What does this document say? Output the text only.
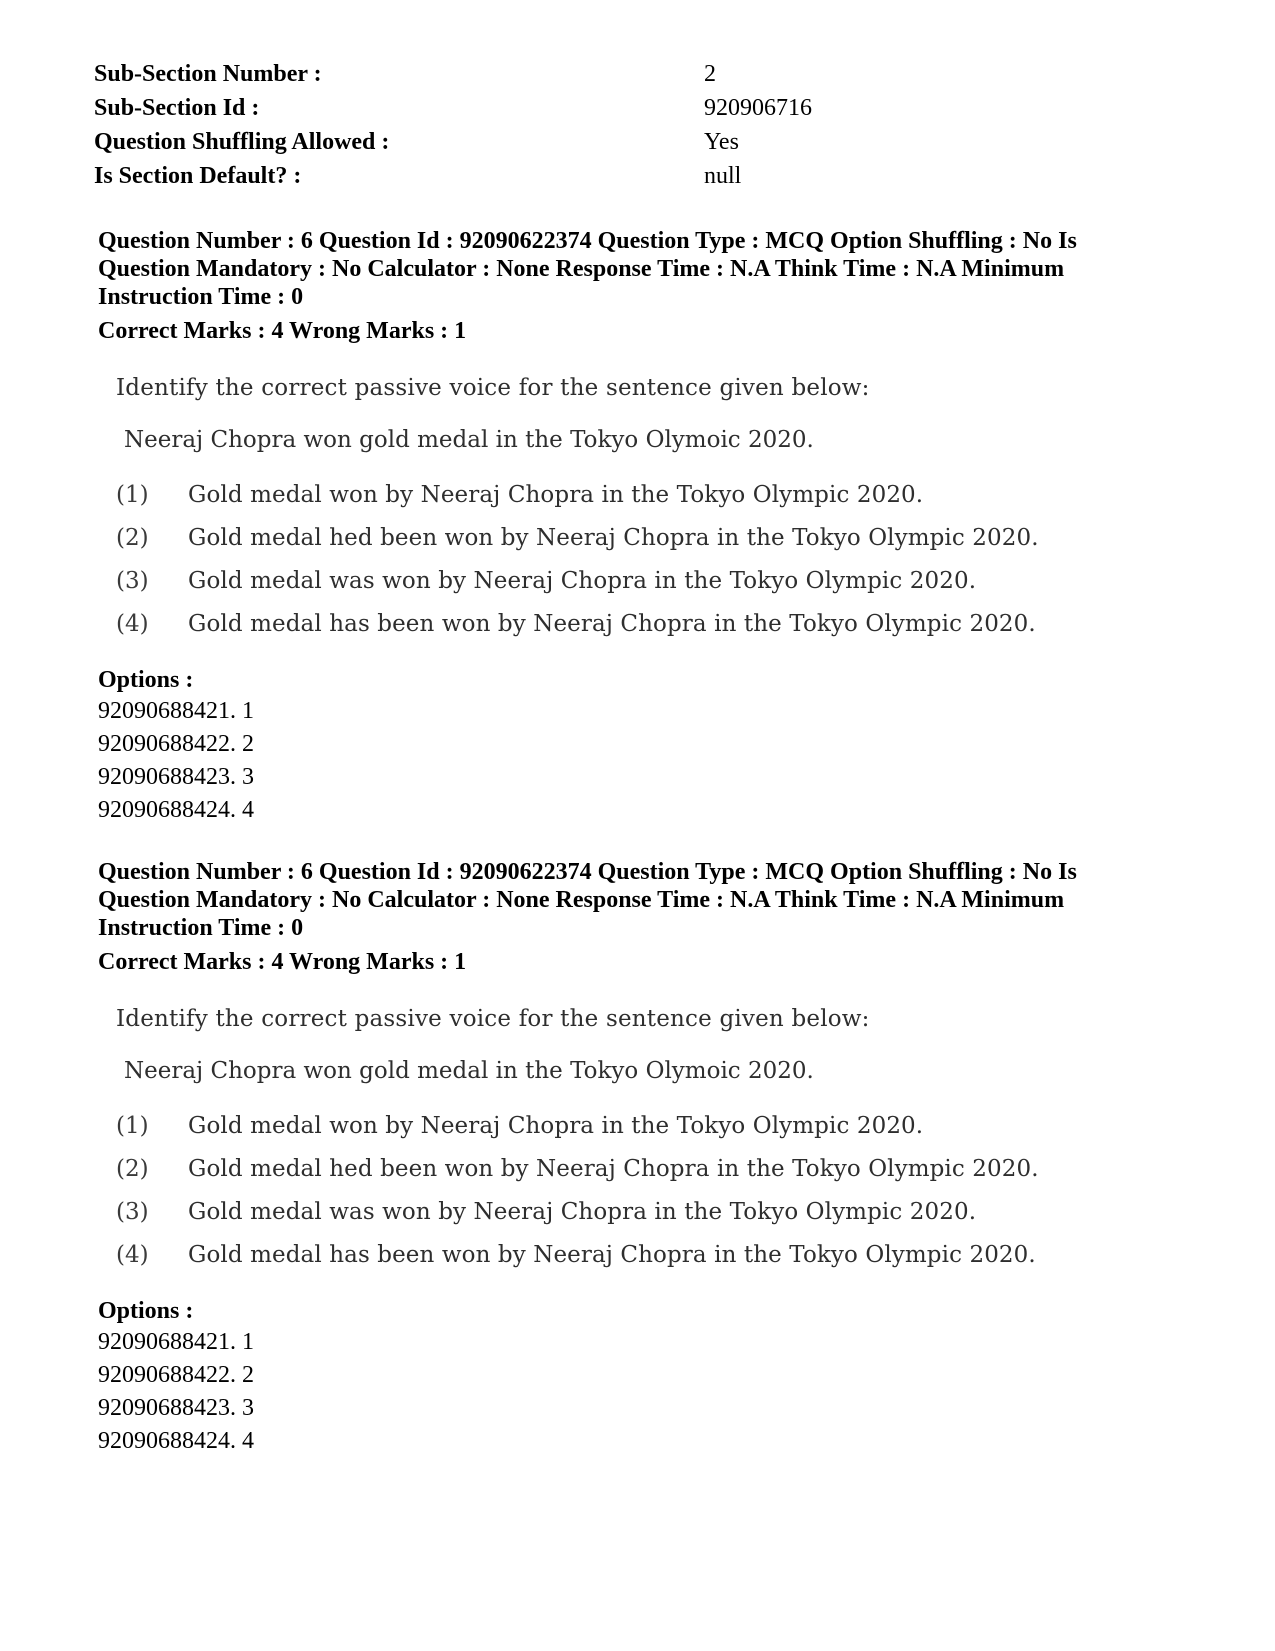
Sub-Section Number :	2
Sub-Section Id :	920906716
Question Shuffling Allowed :	Yes
Is Section Default? :	null
Question Number : 6 Question Id : 92090622374 Question Type : MCQ Option Shuffling : No Is Question Mandatory : No Calculator : None Response Time : N.A Think Time : N.A Minimum Instruction Time : 0
Correct Marks : 4 Wrong Marks : 1
Identify the correct passive voice for the sentence given below:
Neeraj Chopra won gold medal in the Tokyo Olymoic 2020.
(1)	Gold medal won by Neeraj Chopra in the Tokyo Olympic 2020.
(2)	Gold medal hed been won by Neeraj Chopra in the Tokyo Olympic 2020.
(3)	Gold medal was won by Neeraj Chopra in the Tokyo Olympic 2020.
(4)	Gold medal has been won by Neeraj Chopra in the Tokyo Olympic 2020.
Options :
92090688421. 1
92090688422. 2
92090688423. 3
92090688424. 4
Question Number : 6 Question Id : 92090622374 Question Type : MCQ Option Shuffling : No Is Question Mandatory : No Calculator : None Response Time : N.A Think Time : N.A Minimum Instruction Time : 0
Correct Marks : 4 Wrong Marks : 1
Identify the correct passive voice for the sentence given below:
Neeraj Chopra won gold medal in the Tokyo Olymoic 2020.
(1)	Gold medal won by Neeraj Chopra in the Tokyo Olympic 2020.
(2)	Gold medal hed been won by Neeraj Chopra in the Tokyo Olympic 2020.
(3)	Gold medal was won by Neeraj Chopra in the Tokyo Olympic 2020.
(4)	Gold medal has been won by Neeraj Chopra in the Tokyo Olympic 2020.
Options :
92090688421. 1
92090688422. 2
92090688423. 3
92090688424. 4
